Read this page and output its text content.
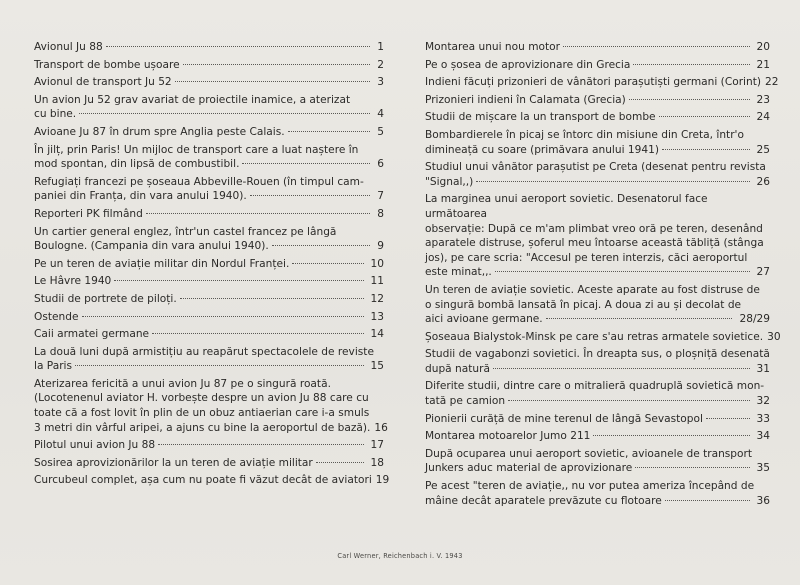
Avionul Ju 88	1
Transport de bombe ușoare	2
Avionul de transport Ju 52	3
Un avion Ju 52 grav avariat de proiectile inamice, a aterizat
cu bine.	4
Avioane Ju 87 în drum spre Anglia peste Calais.	5
În jilț, prin Paris! Un mijloc de transport care a luat naștere în
mod spontan, din lipsă de combustibil.	6
Refugiați francezi pe șoseaua Abbeville-Rouen (în timpul cam-
paniei din Franța, din vara anului 1940).	7
Reporteri PK filmând	8
Un cartier general englez, într'un castel francez pe lângă
Boulogne. (Campania din vara anului 1940).	9
Pe un teren de aviație militar din Nordul Franței.	10
Le Hâvre 1940	11
Studii de portrete de piloți.	12
Ostende	13
Caii armatei germane	14
La două luni după armistițiu au reapărut spectacolele de reviste
la Paris	15
Aterizarea fericită a unui avion Ju 87 pe o singură roată.
(Locotenenul aviator H. vorbește despre un avion Ju 88 care cu
toate că a fost lovit în plin de un obuz antiaerian care i-a smuls
3 metri din vârful aripei, a ajuns cu bine la aeroportul de bază). 16
Pilotul unui avion Ju 88	17
Sosirea aprovizionărilor la un teren de aviație militar	18
Curcubeul complet, așa cum nu poate fi văzut decât de aviatori 19
Montarea unui nou motor	20
Pe o șosea de aprovizionare din Grecia	21
Indieni făcuți prizonieri de vânători parașutiști germani (Corint) 22
Prizonieri indieni în Calamata (Grecia)	23
Studii de mișcare la un transport de bombe	24
Bombardierele în picaj se întorc din misiune din Creta, într'o
dimineață cu soare (primăvara anului 1941)	25
Studiul unui vânător parașutist pe Creta (desenat pentru revista
"Signal,,)	26
La marginea unui aeroport sovietic. Desenatorul face următoarea
observație: După ce m'am plimbat vreo oră pe teren, desenând
aparatele distruse, șoferul meu întoarse această tăbliță (stânga
jos), pe care scria: "Accesul pe teren interzis, căci aeroportul
este minat,,.	27
Un teren de aviație sovietic. Aceste aparate au fost distruse de
o singură bombă lansată în picaj. A doua zi au și decolat de
aici avioane germane.	28/29
Șoseaua Bialystok-Minsk pe care s'au retras armatele sovietice. 30
Studii de vagabonzi sovietici. În dreapta sus, o ploșniță desenată
după natură	31
Diferite studii, dintre care o mitralieră quadruplă sovietică mon-
tată pe camion	32
Pionierii curăță de mine terenul de lângă Sevastopol	33
Montarea motoarelor Jumo 211	34
După ocuparea unui aeroport sovietic, avioanele de transport
Junkers aduc material de aprovizionare	35
Pe acest "teren de aviație,, nu vor putea ameriza începând de
mâine decât aparatele prevăzute cu flotoare	36
Carl Werner, Reichenbach i. V. 1943
